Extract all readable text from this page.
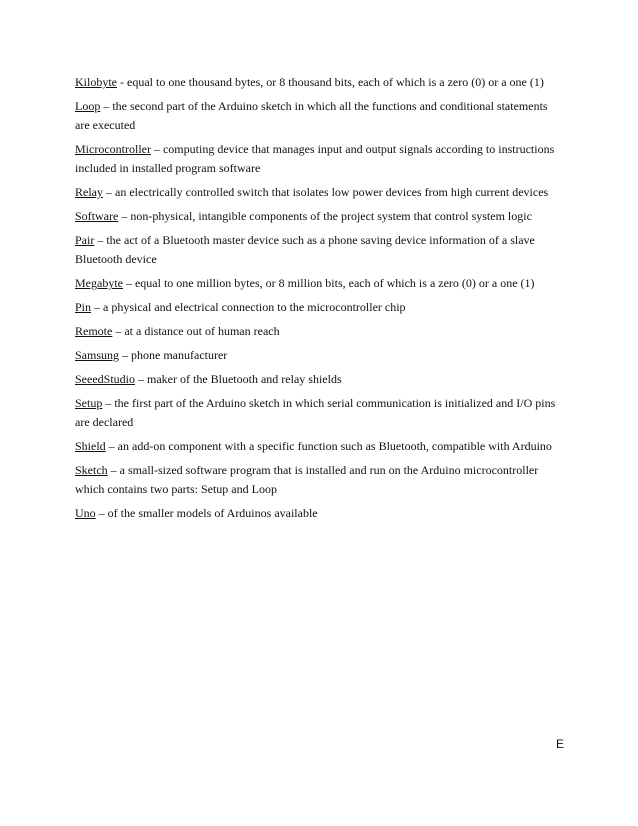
Kilobyte - equal to one thousand bytes, or 8 thousand bits, each of which is a zero (0) or a one (1)

Loop – the second part of the Arduino sketch in which all the functions and conditional statements are executed

Microcontroller – computing device that manages input and output signals according to instructions included in installed program software

Relay – an electrically controlled switch that isolates low power devices from high current devices

Software – non-physical, intangible components of the project system that control system logic

Pair – the act of a Bluetooth master device such as a phone saving device information of a slave Bluetooth device

Megabyte – equal to one million bytes, or 8 million bits, each of which is a zero (0) or a one (1)

Pin – a physical and electrical connection to the microcontroller chip

Remote – at a distance out of human reach

Samsung – phone manufacturer

SeeedStudio – maker of the Bluetooth and relay shields

Setup – the first part of the Arduino sketch in which serial communication is initialized and I/O pins are declared

Shield – an add-on component with a specific function such as Bluetooth, compatible with Arduino

Sketch – a small-sized software program that is installed and run on the Arduino microcontroller which contains two parts: Setup and Loop

Uno – of the smaller models of Arduinos available

E
